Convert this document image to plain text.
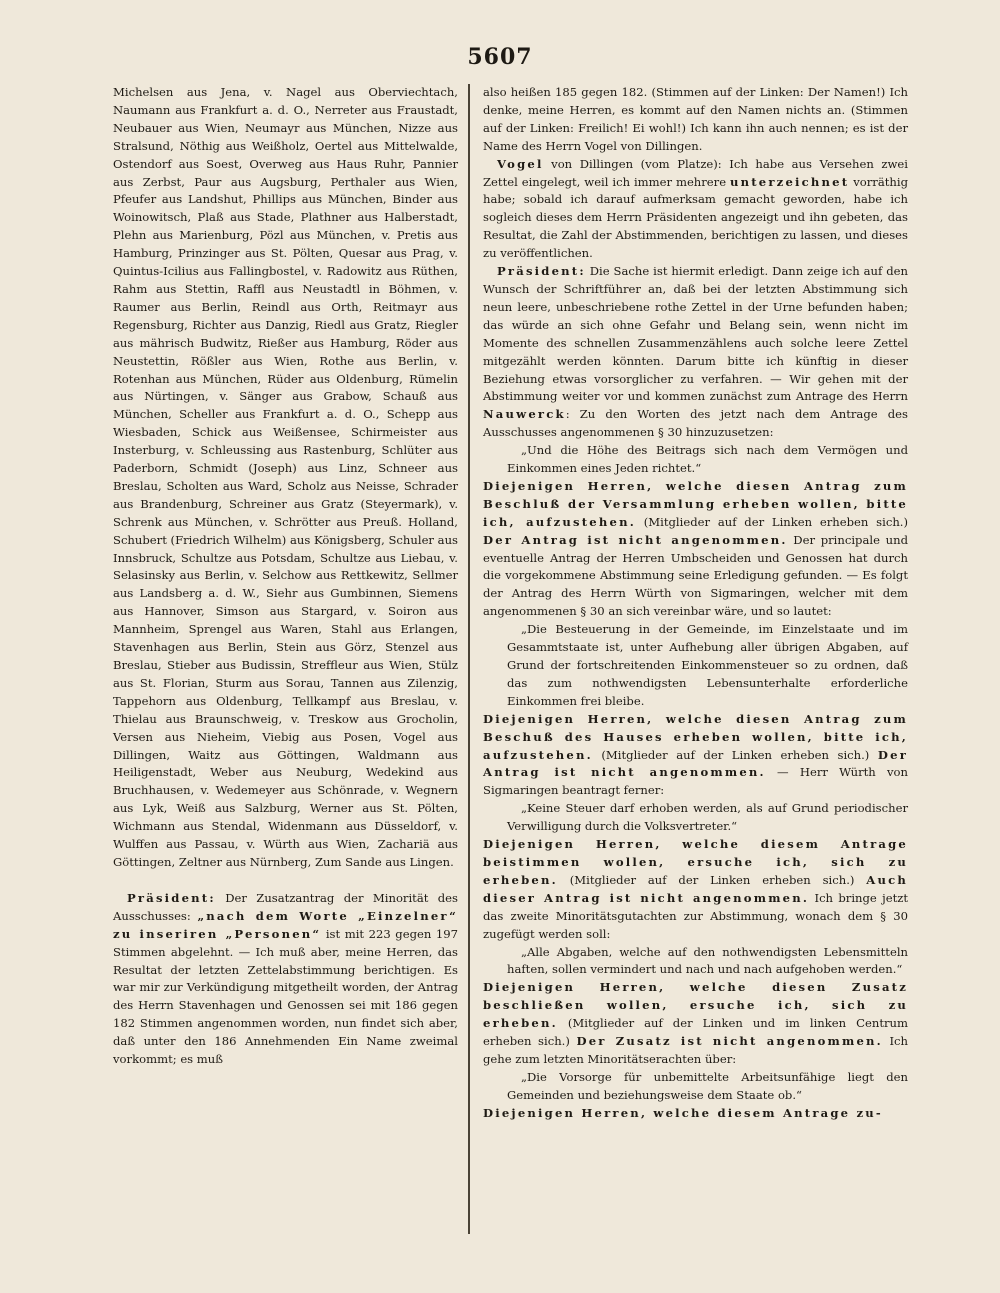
5607

Michelsen aus Jena, v. Nagel aus Oberviechtach, Naumann aus Frankfurt a. d. O., Nerreter aus Fraustadt, Neubauer aus Wien, Neumayr aus München, Nizze aus Stralsund, Nöthig aus Weißholz, Oertel aus Mittelwalde, Ostendorf aus Soest, Overweg aus Haus Ruhr, Pannier aus Zerbst, Paur aus Augsburg, Perthaler aus Wien, Pfeufer aus Landshut, Phillips aus München, Binder aus Woinowitsch, Plaß aus Stade, Plathner aus Halberstadt, Plehn aus Marienburg, Pözl aus München, v. Pretis aus Hamburg, Prinzinger aus St. Pölten, Quesar aus Prag, v. Quintus-Icilius aus Fallingbostel, v. Radowitz aus Rüthen, Rahm aus Stettin, Raffl aus Neustadtl in Böhmen, v. Raumer aus Berlin, Reindl aus Orth, Reitmayr aus Regensburg, Richter aus Danzig, Riedl aus Gratz, Riegler aus mährisch Budwitz, Rießer aus Hamburg, Röder aus Neustettin, Rößler aus Wien, Rothe aus Berlin, v. Rotenhan aus München, Rüder aus Oldenburg, Rümelin aus Nürtingen, v. Sänger aus Grabow, Schauß aus München, Scheller aus Frankfurt a. d. O., Schepp aus Wiesbaden, Schick aus Weißensee, Schirmeister aus Insterburg, v. Schleussing aus Rastenburg, Schlüter aus Paderborn, Schmidt (Joseph) aus Linz, Schneer aus Breslau, Scholten aus Ward, Scholz aus Neisse, Schrader aus Brandenburg, Schreiner aus Gratz (Steyermark), v. Schrenk aus München, v. Schrötter aus Preuß. Holland, Schubert (Friedrich Wilhelm) aus Königsberg, Schuler aus Innsbruck, Schultze aus Potsdam, Schultze aus Liebau, v. Selasinsky aus Berlin, v. Selchow aus Rettkewitz, Sellmer aus Landsberg a. d. W., Siehr aus Gumbinnen, Siemens aus Hannover, Simson aus Stargard, v. Soiron aus Mannheim, Sprengel aus Waren, Stahl aus Erlangen, Stavenhagen aus Berlin, Stein aus Görz, Stenzel aus Breslau, Stieber aus Budissin, Streffleur aus Wien, Stülz aus St. Florian, Sturm aus Sorau, Tannen aus Zilenzig, Tappehorn aus Oldenburg, Tellkampf aus Breslau, v. Thielau aus Braunschweig, v. Treskow aus Grocholin, Versen aus Nieheim, Viebig aus Posen, Vogel aus Dillingen, Waitz aus Göttingen, Waldmann aus Heiligenstadt, Weber aus Neuburg, Wedekind aus Bruchhausen, v. Wedemeyer aus Schönrade, v. Wegnern aus Lyk, Weiß aus Salzburg, Werner aus St. Pölten, Wichmann aus Stendal, Widenmann aus Düsseldorf, v. Wulffen aus Passau, v. Würth aus Wien, Zachariä aus Göttingen, Zeltner aus Nürnberg, Zum Sande aus Lingen.

Präsident: Der Zusatzantrag der Minorität des Ausschusses: „nach dem Worte „Einzelner“ zu inseriren „Personen“ ist mit 223 gegen 197 Stimmen abgelehnt. — Ich muß aber, meine Herren, das Resultat der letzten Zettelabstimmung berichtigen. Es war mir zur Verkündigung mitgetheilt worden, der Antrag des Herrn Stavenhagen und Genossen sei mit 186 gegen 182 Stimmen angenommen worden, nun findet sich aber, daß unter den 186 Annehmenden Ein Name zweimal vorkommt; es muß

also heißen 185 gegen 182. (Stimmen auf der Linken: Der Namen!) Ich denke, meine Herren, es kommt auf den Namen nichts an. (Stimmen auf der Linken: Freilich! Ei wohl!) Ich kann ihn auch nennen; es ist der Name des Herrn Vogel von Dillingen.

Vogel von Dillingen (vom Platze): Ich habe aus Versehen zwei Zettel eingelegt, weil ich immer mehrere unterzeichnet vorräthig habe; sobald ich darauf aufmerksam gemacht geworden, habe ich sogleich dieses dem Herrn Präsidenten angezeigt und ihn gebeten, das Resultat, die Zahl der Abstimmenden, berichtigen zu lassen, und dieses zu veröffentlichen.

Präsident: Die Sache ist hiermit erledigt. Dann zeige ich auf den Wunsch der Schriftführer an, daß bei der letzten Abstimmung sich neun leere, unbeschriebene rothe Zettel in der Urne befunden haben; das würde an sich ohne Gefahr und Belang sein, wenn nicht im Momente des schnellen Zusammenzählens auch solche leere Zettel mitgezählt werden könnten. Darum bitte ich künftig in dieser Beziehung etwas vorsorglicher zu verfahren. — Wir gehen mit der Abstimmung weiter vor und kommen zunächst zum Antrage des Herrn Nauwerck: Zu den Worten des jetzt nach dem Antrage des Ausschusses angenommenen § 30 hinzuzusetzen:

„Und die Höhe des Beitrags sich nach dem Vermögen und Einkommen eines Jeden richtet.“

Diejenigen Herren, welche diesen Antrag zum Beschluß der Versammlung erheben wollen, bitte ich, aufzustehen. (Mitglieder auf der Linken erheben sich.) Der Antrag ist nicht angenommen. Der principale und eventuelle Antrag der Herren Umbscheiden und Genossen hat durch die vorgekommene Abstimmung seine Erledigung gefunden. — Es folgt der Antrag des Herrn Würth von Sigmaringen, welcher mit dem angenommenen § 30 an sich vereinbar wäre, und so lautet:

„Die Besteuerung in der Gemeinde, im Einzelstaate und im Gesammtstaate ist, unter Aufhebung aller übrigen Abgaben, auf Grund der fortschreitenden Einkommensteuer so zu ordnen, daß das zum nothwendigsten Lebensunterhalte erforderliche Einkommen frei bleibe.

Diejenigen Herren, welche diesen Antrag zum Beschuß des Hauses erheben wollen, bitte ich, aufzustehen. (Mitglieder auf der Linken erheben sich.) Der Antrag ist nicht angenommen. — Herr Würth von Sigmaringen beantragt ferner:

„Keine Steuer darf erhoben werden, als auf Grund periodischer Verwilligung durch die Volksvertreter.“

Diejenigen Herren, welche diesem Antrage beistimmen wollen, ersuche ich, sich zu erheben. (Mitglieder auf der Linken erheben sich.) Auch dieser Antrag ist nicht angenommen. Ich bringe jetzt das zweite Minoritätsgutachten zur Abstimmung, wonach dem § 30 zugefügt werden soll:

„Alle Abgaben, welche auf den nothwendigsten Lebensmitteln haften, sollen vermindert und nach und nach aufgehoben werden.“

Diejenigen Herren, welche diesen Zusatz beschließen wollen, ersuche ich, sich zu erheben. (Mitglieder auf der Linken und im linken Centrum erheben sich.) Der Zusatz ist nicht angenommen. Ich gehe zum letzten Minoritätserachten über:

„Die Vorsorge für unbemittelte Arbeitsunfähige liegt den Gemeinden und beziehungsweise dem Staate ob.“

Diejenigen Herren, welche diesem Antrage zu-
